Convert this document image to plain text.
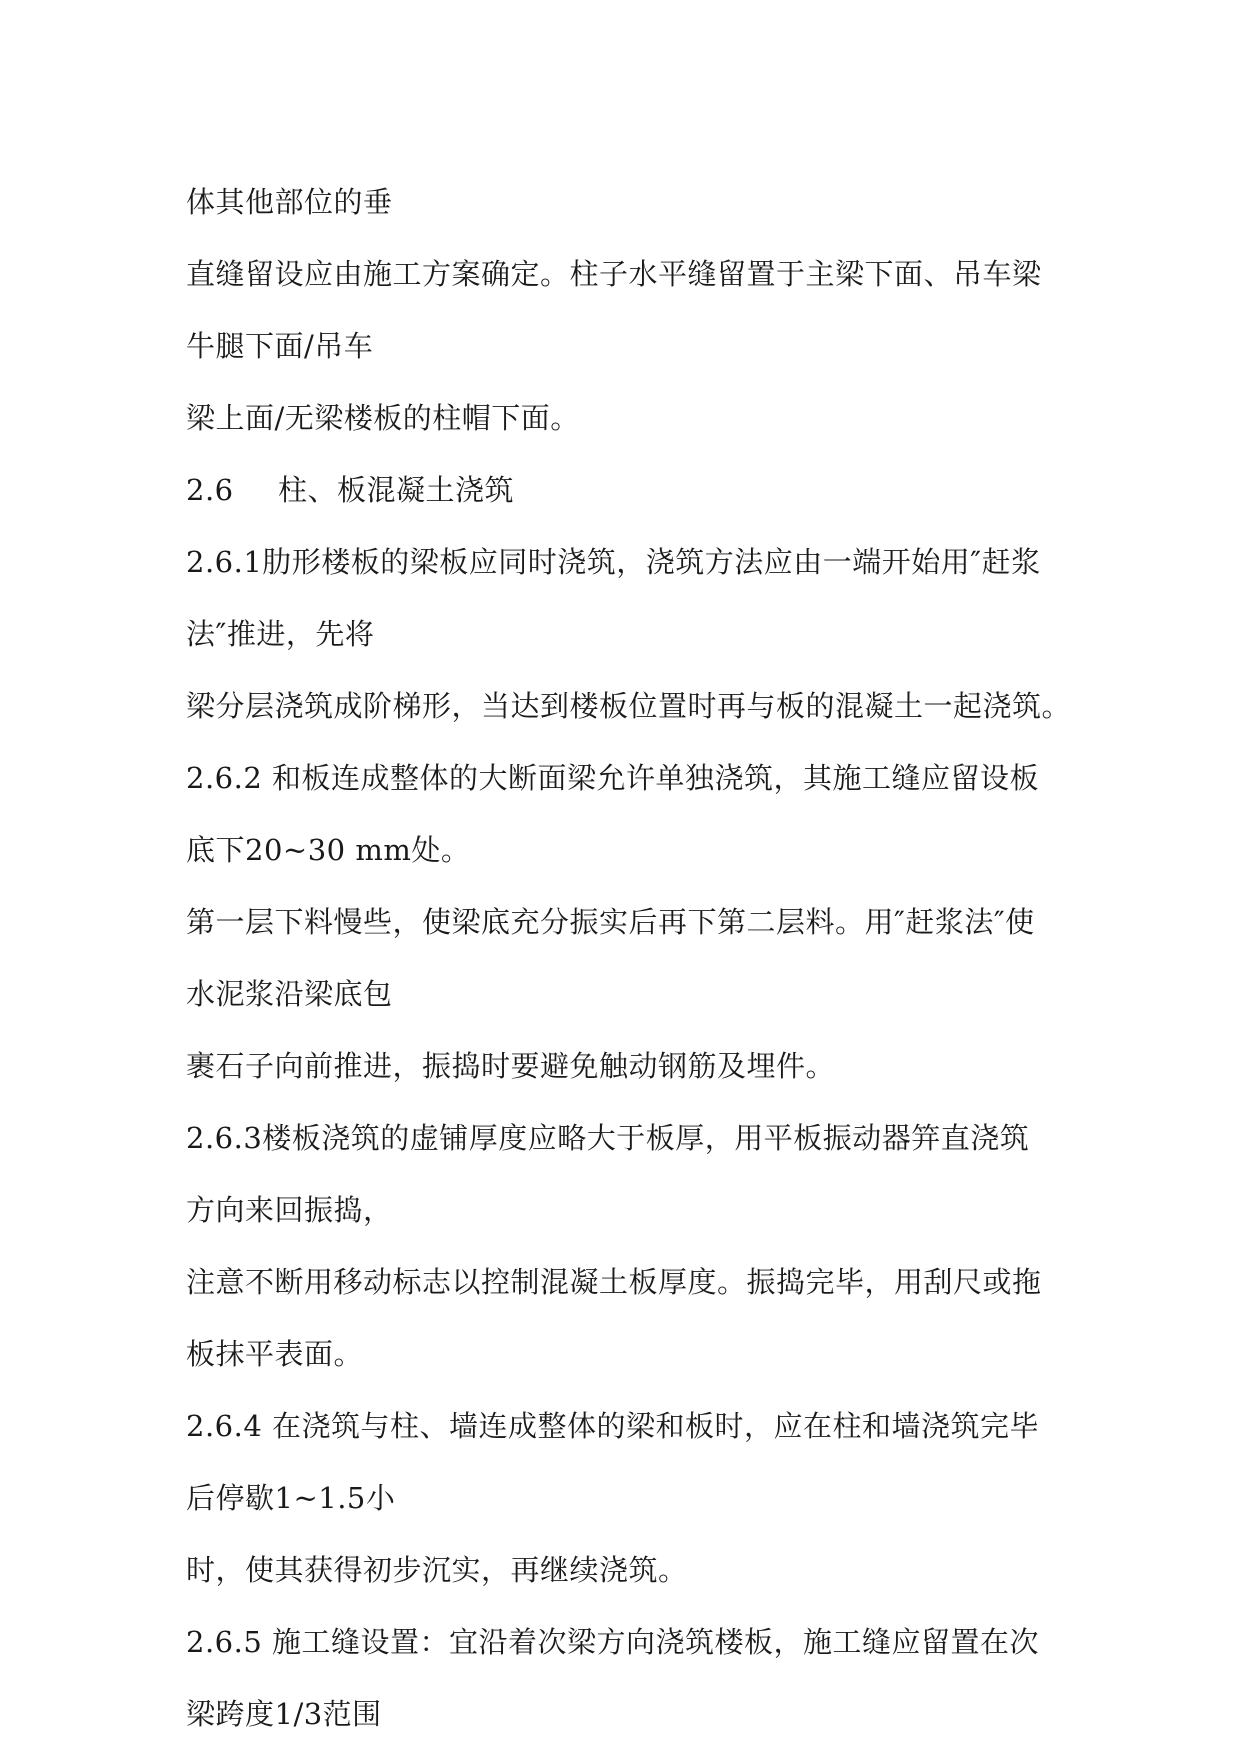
体其他部位的垂
直缝留设应由施工方案确定。柱子水平缝留置于主梁下面、吊车梁
牛腿下面/吊车
梁上面/无梁楼板的柱帽下面。
2.6 柱、板混凝土浇筑
2.6.1肋形楼板的梁板应同时浇筑，浇筑方法应由一端开始用″赶浆
法″推进，先将
梁分层浇筑成阶梯形，当达到楼板位置时再与板的混凝土一起浇筑。
2.6.2 和板连成整体的大断面梁允许单独浇筑，其施工缝应留设板
底下20~30 mm处。
第一层下料慢些，使梁底充分振实后再下第二层料。用″赶浆法″使
水泥浆沿梁底包
裹石子向前推进，振捣时要避免触动钢筋及埋件。
2.6.3楼板浇筑的虚铺厚度应略大于板厚，用平板振动器笄直浇筑
方向来回振捣，
注意不断用移动标志以控制混凝土板厚度。振捣完毕，用刮尺或拖
板抹平表面。
2.6.4 在浇筑与柱、墙连成整体的梁和板时，应在柱和墙浇筑完毕
后停歇1~1.5小
时，使其获得初步沉实，再继续浇筑。
2.6.5 施工缝设置：宜沿着次梁方向浇筑楼板，施工缝应留置在次
梁跨度1/3范围
